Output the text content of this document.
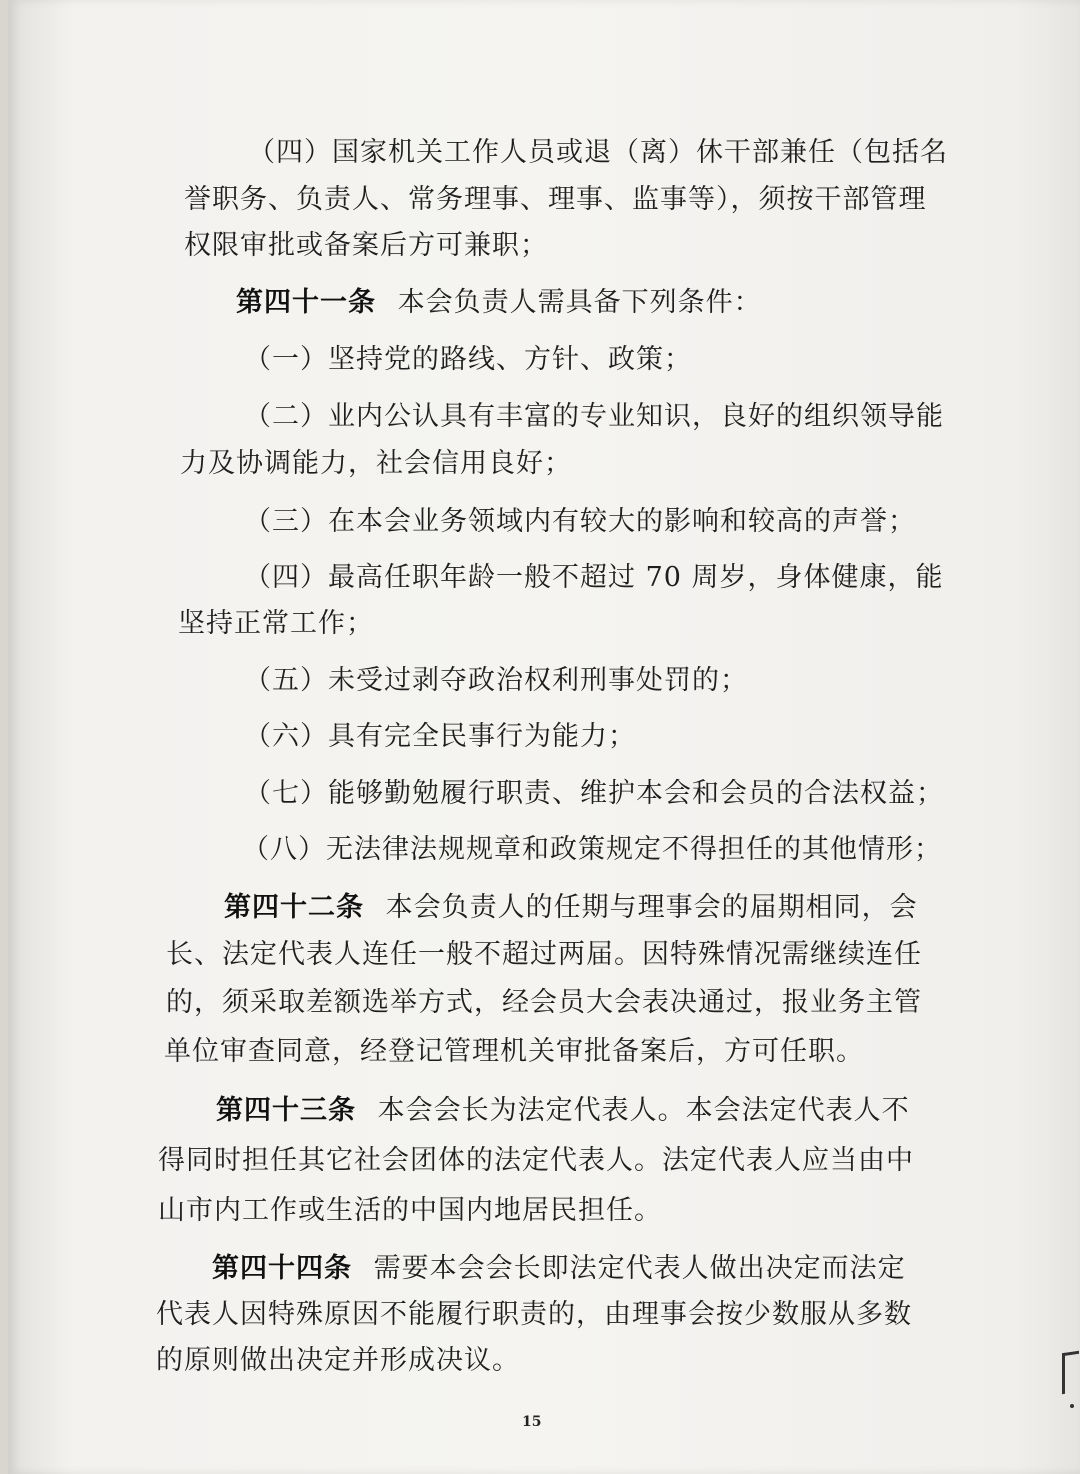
（四）国家机关工作人员或退（离）休干部兼任（包括名
誉职务、负责人、常务理事、理事、监事等），须按干部管理
权限审批或备案后方可兼职；
第四十一条 本会负责人需具备下列条件：
（一）坚持党的路线、方针、政策；
（二）业内公认具有丰富的专业知识，良好的组织领导能
力及协调能力，社会信用良好；
（三）在本会业务领域内有较大的影响和较高的声誉；
（四）最高任职年龄一般不超过 70 周岁，身体健康，能
坚持正常工作；
（五）未受过剥夺政治权利刑事处罚的；
（六）具有完全民事行为能力；
（七）能够勤勉履行职责、维护本会和会员的合法权益；
（八）无法律法规规章和政策规定不得担任的其他情形；
第四十二条 本会负责人的任期与理事会的届期相同，会
长、法定代表人连任一般不超过两届。因特殊情况需继续连任
的，须采取差额选举方式，经会员大会表决通过，报业务主管
单位审查同意，经登记管理机关审批备案后，方可任职。
第四十三条 本会会长为法定代表人。本会法定代表人不
得同时担任其它社会团体的法定代表人。法定代表人应当由中
山市内工作或生活的中国内地居民担任。
第四十四条 需要本会会长即法定代表人做出决定而法定
代表人因特殊原因不能履行职责的，由理事会按少数服从多数
的原则做出决定并形成决议。
15
